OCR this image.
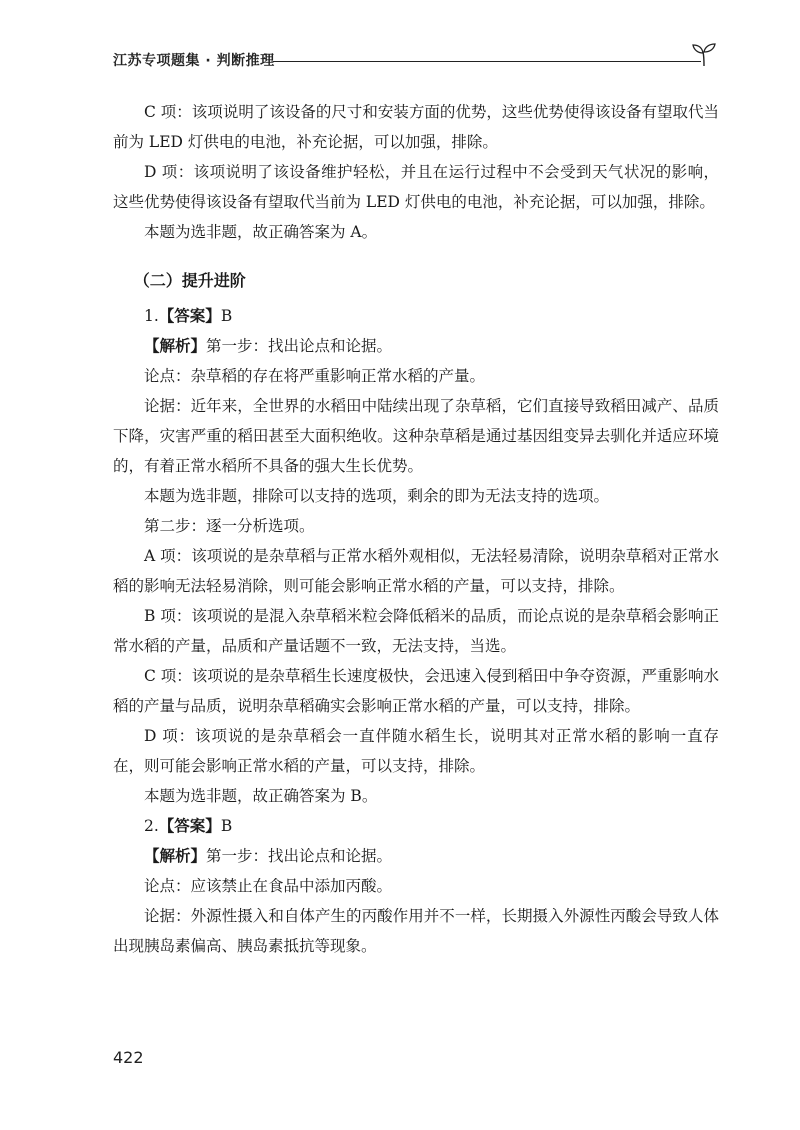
江苏专项题集 · 判断推理

C 项：该项说明了该设备的尺寸和安装方面的优势，这些优势使得该设备有望取代当前为 LED 灯供电的电池，补充论据，可以加强，排除。

D 项：该项说明了该设备维护轻松，并且在运行过程中不会受到天气状况的影响，这些优势使得该设备有望取代当前为 LED 灯供电的电池，补充论据，可以加强，排除。

本题为选非题，故正确答案为 A。

（二）提升进阶

1.【答案】B

【解析】第一步：找出论点和论据。

论点：杂草稻的存在将严重影响正常水稻的产量。

论据：近年来，全世界的水稻田中陆续出现了杂草稻，它们直接导致稻田减产、品质下降，灾害严重的稻田甚至大面积绝收。这种杂草稻是通过基因组变异去驯化并适应环境的，有着正常水稻所不具备的强大生长优势。

本题为选非题，排除可以支持的选项，剩余的即为无法支持的选项。

第二步：逐一分析选项。

A 项：该项说的是杂草稻与正常水稻外观相似，无法轻易清除，说明杂草稻对正常水稻的影响无法轻易消除，则可能会影响正常水稻的产量，可以支持，排除。

B 项：该项说的是混入杂草稻米粒会降低稻米的品质，而论点说的是杂草稻会影响正常水稻的产量，品质和产量话题不一致，无法支持，当选。

C 项：该项说的是杂草稻生长速度极快，会迅速入侵到稻田中争夺资源，严重影响水稻的产量与品质，说明杂草稻确实会影响正常水稻的产量，可以支持，排除。

D 项：该项说的是杂草稻会一直伴随水稻生长，说明其对正常水稻的影响一直存在，则可能会影响正常水稻的产量，可以支持，排除。

本题为选非题，故正确答案为 B。

2.【答案】B

【解析】第一步：找出论点和论据。

论点：应该禁止在食品中添加丙酸。

论据：外源性摄入和自体产生的丙酸作用并不一样，长期摄入外源性丙酸会导致人体出现胰岛素偏高、胰岛素抵抗等现象。

422
